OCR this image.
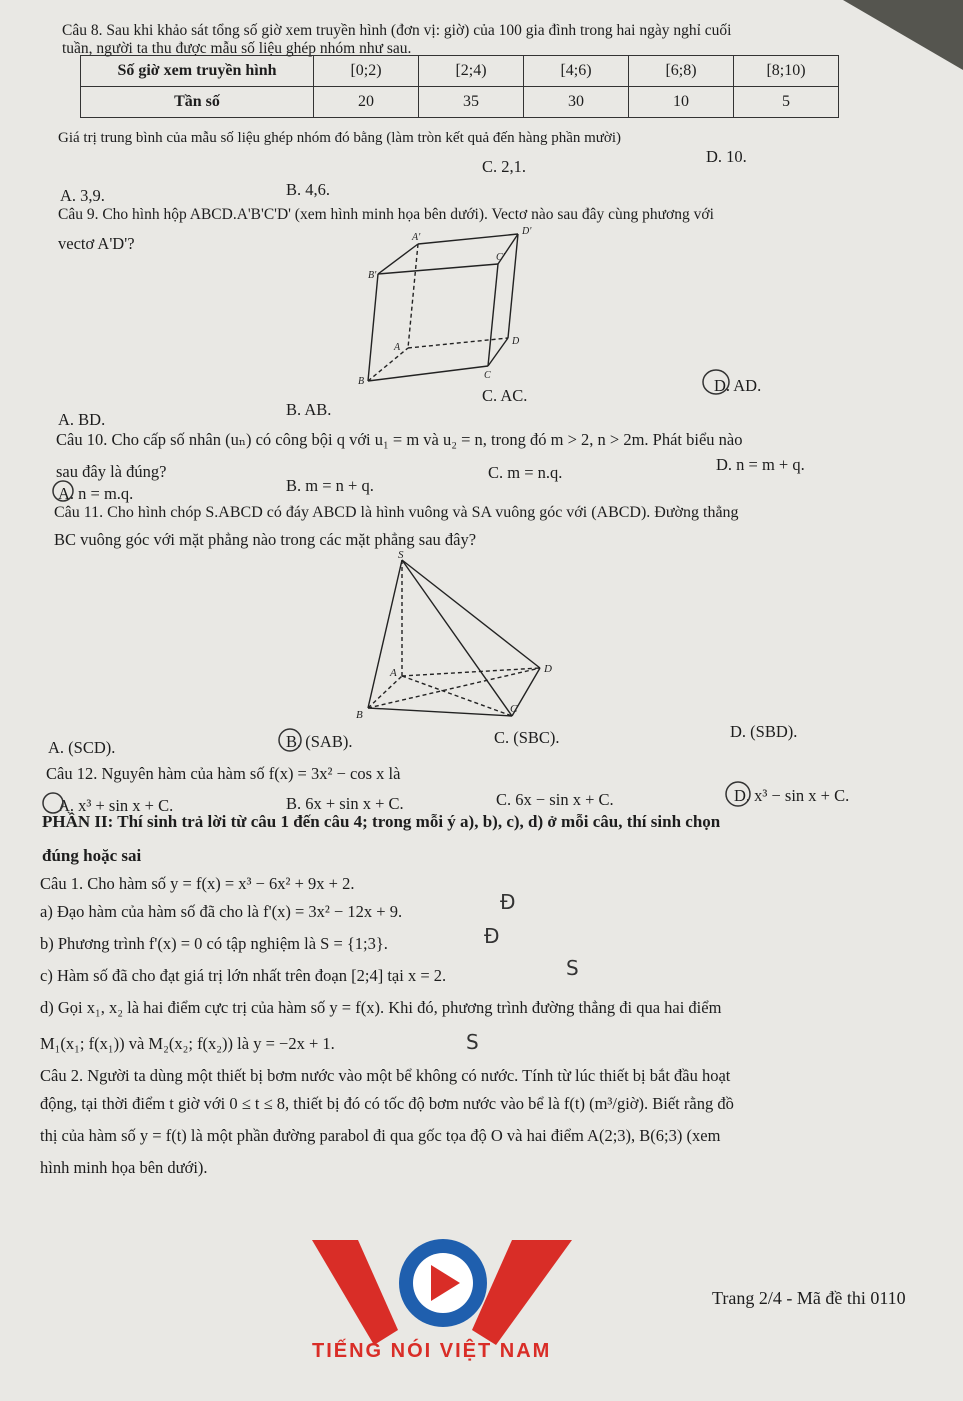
Câu 8. Sau khi khảo sát tổng số giờ xem truyền hình (đơn vị: giờ) của 100 gia đình trong hai ngày nghỉ cuối
tuần, người ta thu được mẫu số liệu ghép nhóm như sau.
Số giờ xem truyền hình	[0;2)	[2;4)	[4;6)	[6;8)	[8;10)
Tần số	20	35	30	10	5
Giá trị trung bình của mẫu số liệu ghép nhóm đó bằng (làm tròn kết quả đến hàng phần mười)
A. 3,9.	B. 4,6.
C. 2,1.
D. 10.
Câu 9. Cho hình hộp ABCD.A'B'C'D' (xem hình minh họa bên dưới). Vectơ nào sau đây cùng phương với
vectơ A'D'?	A'
D'
B'
C'
A
D
B
C
A. BD.
B. AB.
C. AC.
D. AD.
Câu 10. Cho cấp số nhân (uₙ) có công bội q với u₁ = m và u₂ = n, trong đó m > 2, n > 2m. Phát biểu nào
sau đây là đúng?
A. n = m.q.	B. m = n + q.
C. m = n.q.	D. n = m + q.
Câu 11. Cho hình chóp S.ABCD có đáy ABCD là hình vuông và SA vuông góc với (ABCD). Đường thẳng
BC vuông góc với mặt phẳng nào trong các mặt phẳng sau đây?
S
A	D
B	C
A. (SCD).	B. (SAB).	C. (SBC).	D. (SBD).
Câu 12. Nguyên hàm của hàm số f(x) = 3x² − cos x là
A. x³ + sin x + C.	B. 6x + sin x + C.	C. 6x − sin x + C.	D. x³ − sin x + C.
PHẦN II: Thí sinh trả lời từ câu 1 đến câu 4; trong mỗi ý a), b), c), d) ở mỗi câu, thí sinh chọn
đúng hoặc sai
Câu 1. Cho hàm số y = f(x) = x³ − 6x² + 9x + 2.
a) Đạo hàm của hàm số đã cho là f'(x) = 3x² − 12x + 9.
b) Phương trình f'(x) = 0 có tập nghiệm là S = {1;3}.
c) Hàm số đã cho đạt giá trị lớn nhất trên đoạn [2;4] tại x = 2.
d) Gọi x₁, x₂ là hai điểm cực trị của hàm số y = f(x). Khi đó, phương trình đường thẳng đi qua hai điểm
M₁(x₁; f(x₁)) và M₂(x₂; f(x₂)) là y = −2x + 1.
Đ
Đ
S
S
Câu 2. Người ta dùng một thiết bị bơm nước vào một bể không có nước. Tính từ lúc thiết bị bắt đầu hoạt
động, tại thời điểm t giờ với 0 ≤ t ≤ 8, thiết bị đó có tốc độ bơm nước vào bể là f(t) (m³/giờ). Biết rằng đồ
thị của hàm số y = f(t) là một phần đường parabol đi qua gốc tọa độ O và hai điểm A(2;3), B(6;3) (xem
hình minh họa bên dưới).
TIẾNG NÓI VIỆT NAM
Trang 2/4 - Mã đề thi 0110
